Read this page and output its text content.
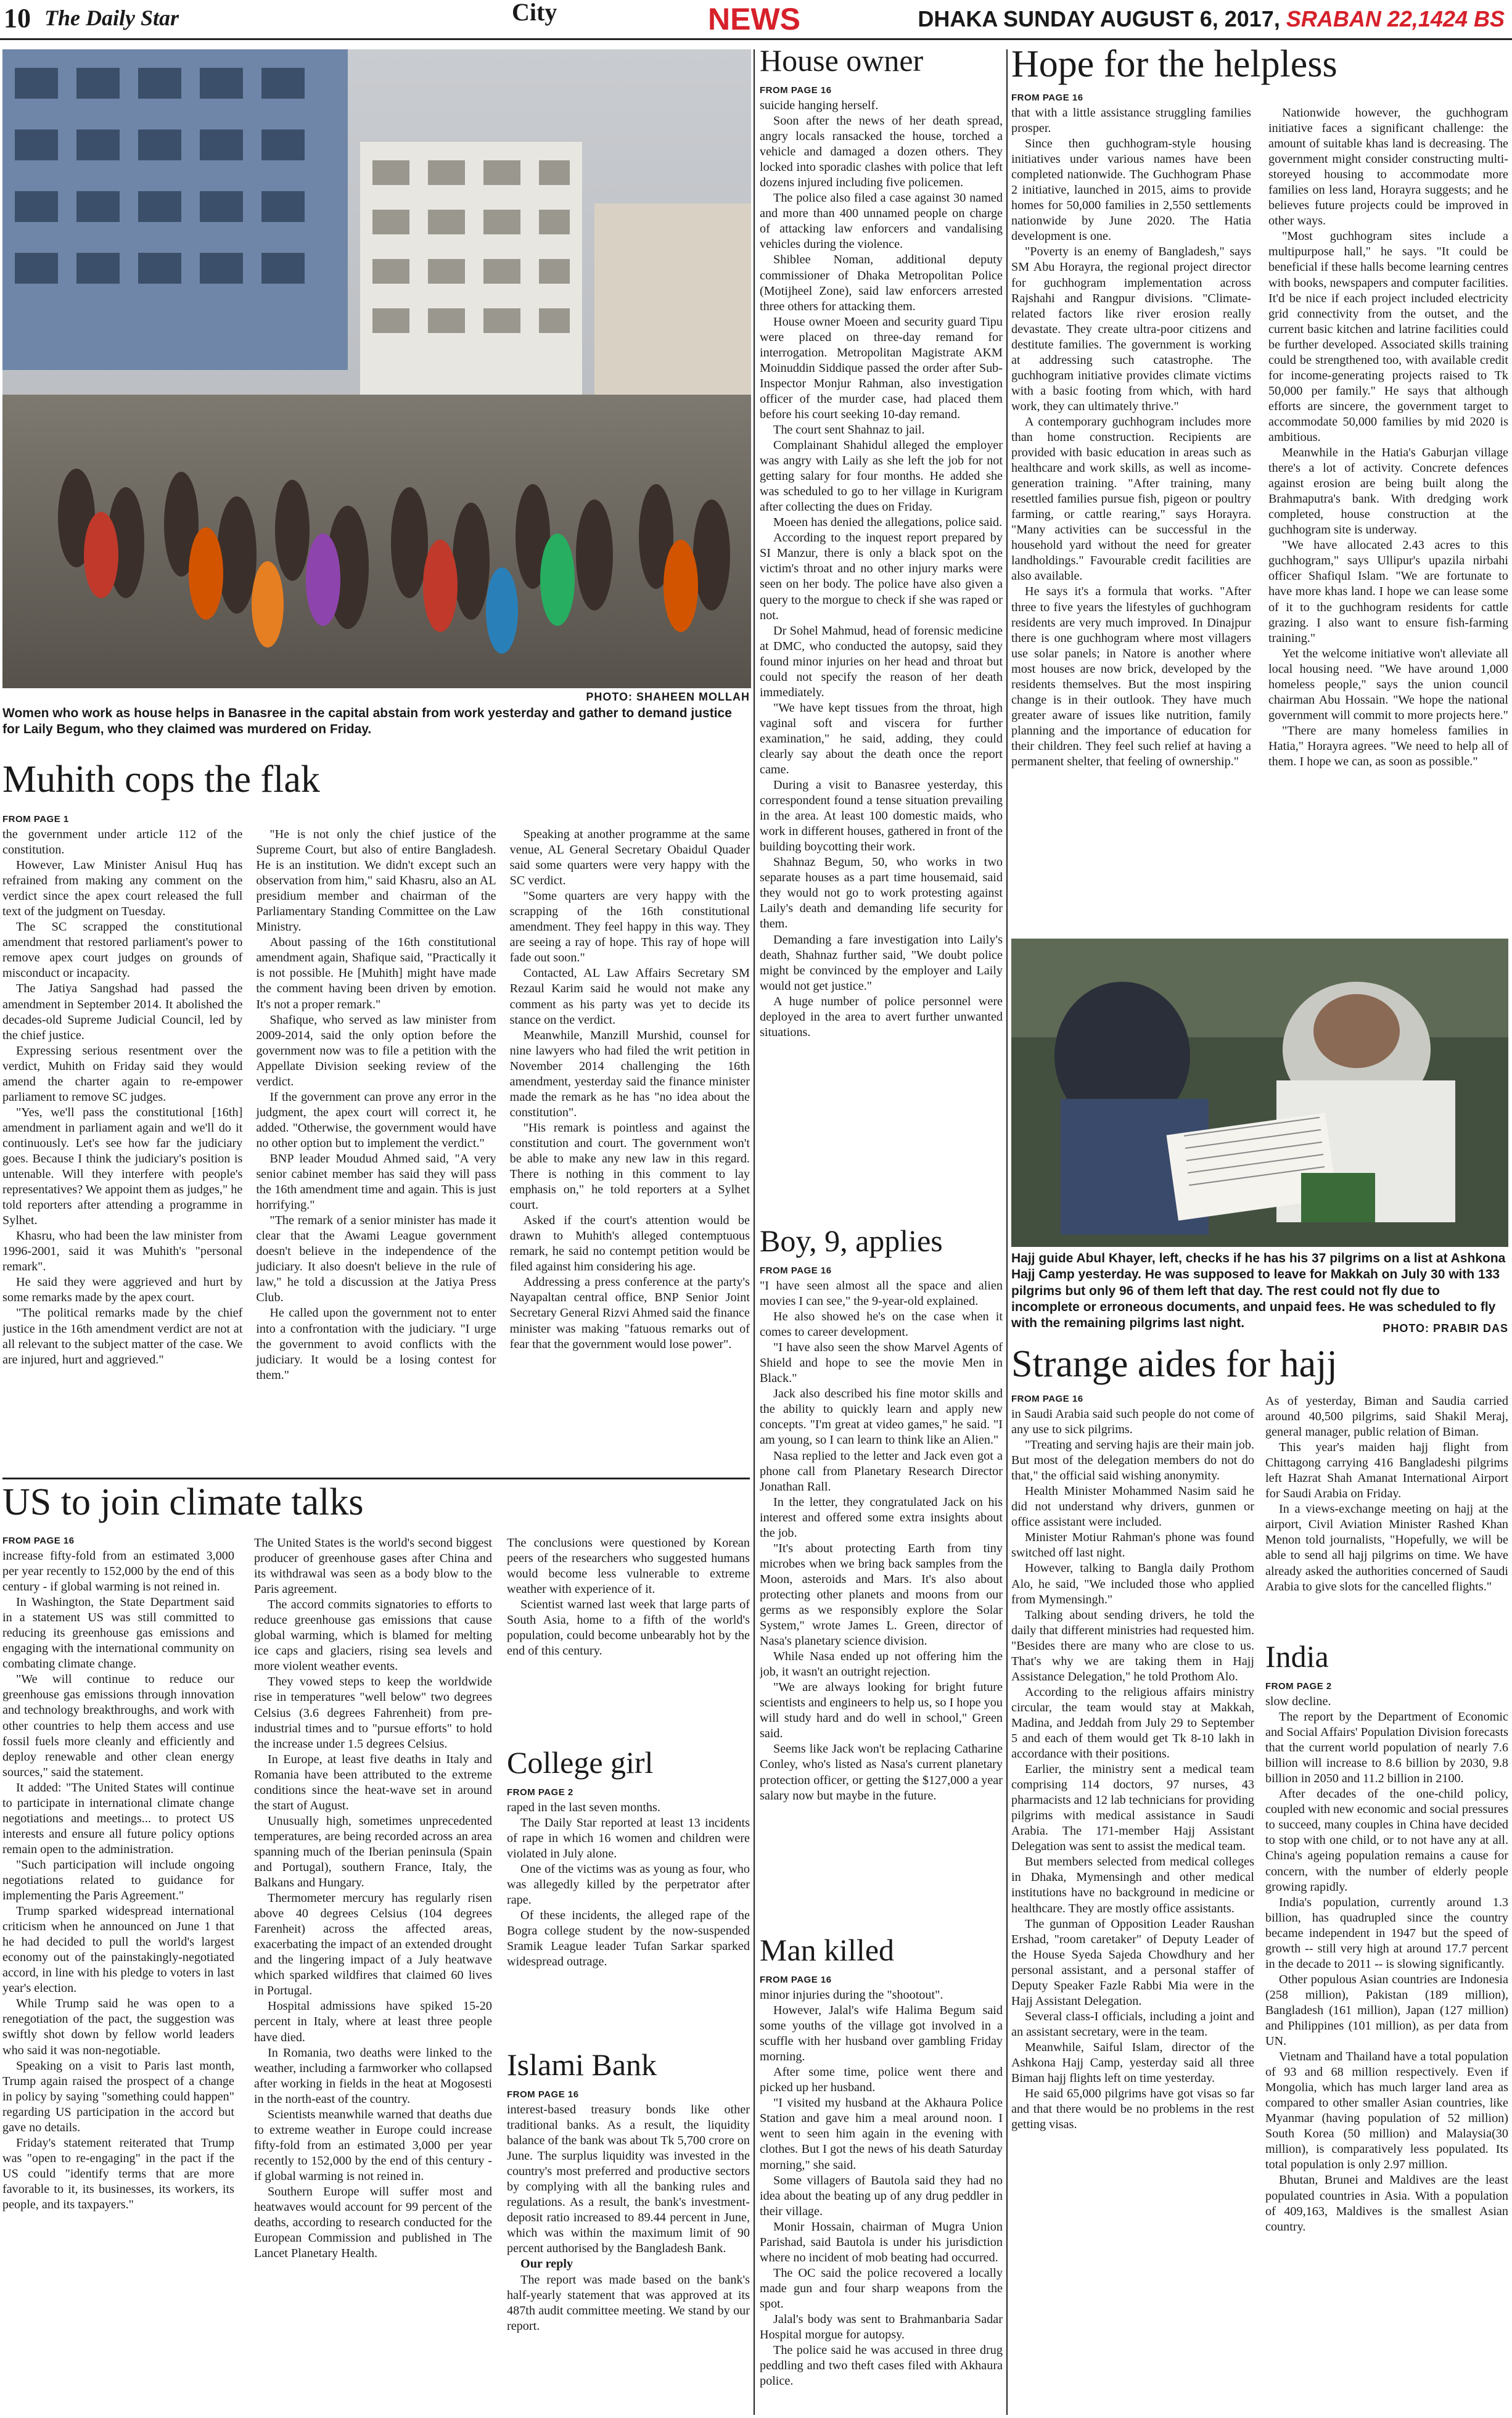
10 The Daily Star	City	NEWS	DHAKA SUNDAY AUGUST 6, 2017, SRABAN 22,1424 BS
PHOTO: SHAHEEN MOLLAH
Women who work as house helps in Banasree in the capital abstain from work yesterday and gather to demand justice for Laily Begum, who they claimed was murdered on Friday.
Muhith cops the flak
FROM PAGE 1

the government under article 112 of the constitution.

However, Law Minister Anisul Huq has refrained from making any comment on the verdict since the apex court released the full text of the judgment on Tuesday.

The SC scrapped the constitutional amendment that restored parliament's power to remove apex court judges on grounds of misconduct or incapacity.

The Jatiya Sangshad had passed the amendment in September 2014. It abolished the decades-old Supreme Judicial Council, led by the chief justice.

Expressing serious resentment over the verdict, Muhith on Friday said they would amend the charter again to re-empower parliament to remove SC judges.

"Yes, we'll pass the constitutional [16th] amendment in parliament again and we'll do it continuously. Let's see how far the judiciary goes. Because I think the judiciary's position is untenable. Will they interfere with people's representatives? We appoint them as judges," he told reporters after attending a programme in Sylhet.

Khasru, who had been the law minister from 1996-2001, said it was Muhith's "personal remark".

He said they were aggrieved and hurt by some remarks made by the apex court.

"The political remarks made by the chief justice in the 16th amendment verdict are not at all relevant to the subject matter of the case. We are injured, hurt and aggrieved."

"He is not only the chief justice of the Supreme Court, but also of entire Bangladesh. He is an institution. We didn't except such an observation from him," said Khasru, also an AL presidium member and chairman of the Parliamentary Standing Committee on the Law Ministry.

About passing of the 16th constitutional amendment again, Shafique said, "Practically it is not possible. He [Muhith] might have made the comment having been driven by emotion. It's not a proper remark."

Shafique, who served as law minister from 2009-2014, said the only option before the government now was to file a petition with the Appellate Division seeking review of the verdict.

If the government can prove any error in the judgment, the apex court will correct it, he added. "Otherwise, the government would have no other option but to implement the verdict."

BNP leader Moudud Ahmed said, "A very senior cabinet member has said they will pass the 16th amendment time and again. This is just horrifying."

"The remark of a senior minister has made it clear that the Awami League government doesn't believe in the independence of the judiciary. It also doesn't believe in the rule of law," he told a discussion at the Jatiya Press Club.

He called upon the government not to enter into a confrontation with the judiciary. "I urge the government to avoid conflicts with the judiciary. It would be a losing contest for them."

Speaking at another programme at the same venue, AL General Secretary Obaidul Quader said some quarters were very happy with the SC verdict.

"Some quarters are very happy with the scrapping of the 16th constitutional amendment. They feel happy in this way. They are seeing a ray of hope. This ray of hope will fade out soon."

Contacted, AL Law Affairs Secretary SM Rezaul Karim said he would not make any comment as his party was yet to decide its stance on the verdict.

Meanwhile, Manzill Murshid, counsel for nine lawyers who had filed the writ petition in November 2014 challenging the 16th amendment, yesterday said the finance minister made the remark as he has "no idea about the constitution".

"His remark is pointless and against the constitution and court. The government won't be able to make any new law in this regard. There is nothing in this comment to lay emphasis on," he told reporters at a Sylhet court.

Asked if the court's attention would be drawn to Muhith's alleged contemptuous remark, he said no contempt petition would be filed against him considering his age.

Addressing a press conference at the party's Nayapaltan central office, BNP Senior Joint Secretary General Rizvi Ahmed said the finance minister was making "fatuous remarks out of fear that the government would lose power".

US to join climate talks
FROM PAGE 16

increase fifty-fold from an estimated 3,000 per year recently to 152,000 by the end of this century - if global warming is not reined in.

In Washington, the State Department said in a statement US was still committed to reducing its greenhouse gas emissions and engaging with the international community on combating climate change.

"We will continue to reduce our greenhouse gas emissions through innovation and technology breakthroughs, and work with other countries to help them access and use fossil fuels more cleanly and efficiently and deploy renewable and other clean energy sources," said the statement.

It added: "The United States will continue to participate in international climate change negotiations and meetings... to protect US interests and ensure all future policy options remain open to the administration.

"Such participation will include ongoing negotiations related to guidance for implementing the Paris Agreement."

Trump sparked widespread international criticism when he announced on June 1 that he had decided to pull the world's largest economy out of the painstakingly-negotiated accord, in line with his pledge to voters in last year's election.

While Trump said he was open to a renegotiation of the pact, the suggestion was swiftly shot down by fellow world leaders who said it was non-negotiable.

Speaking on a visit to Paris last month, Trump again raised the prospect of a change in policy by saying "something could happen" regarding US participation in the accord but gave no details.

Friday's statement reiterated that Trump was "open to re-engaging" in the pact if the US could "identify terms that are more favorable to it, its businesses, its workers, its people, and its taxpayers."

The United States is the world's second biggest producer of greenhouse gases after China and its withdrawal was seen as a body blow to the Paris agreement.

The accord commits signatories to efforts to reduce greenhouse gas emissions that cause global warming, which is blamed for melting ice caps and glaciers, rising sea levels and more violent weather events.

They vowed steps to keep the worldwide rise in temperatures "well below" two degrees Celsius (3.6 degrees Fahrenheit) from pre-industrial times and to "pursue efforts" to hold the increase under 1.5 degrees Celsius.

In Europe, at least five deaths in Italy and Romania have been attributed to the extreme conditions since the heat-wave set in around the start of August.

Unusually high, sometimes unprecedented temperatures, are being recorded across an area spanning much of the Iberian peninsula (Spain and Portugal), southern France, Italy, the Balkans and Hungary.

Thermometer mercury has regularly risen above 40 degrees Celsius (104 degrees Farenheit) across the affected areas, exacerbating the impact of an extended drought and the lingering impact of a July heatwave which sparked wildfires that claimed 60 lives in Portugal.

Hospital admissions have spiked 15-20 percent in Italy, where at least three people have died.

In Romania, two deaths were linked to the weather, including a farmworker who collapsed after working in fields in the heat at Mogosesti in the north-east of the country.

Scientists meanwhile warned that deaths due to extreme weather in Europe could increase fifty-fold from an estimated 3,000 per year recently to 152,000 by the end of this century - if global warming is not reined in.

Southern Europe will suffer most and heatwaves would account for 99 percent of the deaths, according to research conducted for the European Commission and published in The Lancet Planetary Health.

The conclusions were questioned by Korean peers of the researchers who suggested humans would become less vulnerable to extreme weather with experience of it.

Scientist warned last week that large parts of South Asia, home to a fifth of the world's population, could become unbearably hot by the end of this century.

College girl
FROM PAGE 2

raped in the last seven months.

The Daily Star reported at least 13 incidents of rape in which 16 women and children were violated in July alone.

One of the victims was as young as four, who was allegedly killed by the perpetrator after rape.

Of these incidents, the alleged rape of the Bogra college student by the now-suspended Sramik League leader Tufan Sarkar sparked widespread outrage.

Islami Bank
FROM PAGE 16

interest-based treasury bonds like other traditional banks. As a result, the liquidity balance of the bank was about Tk 5,700 crore on June. The surplus liquidity was invested in the country's most preferred and productive sectors by complying with all the banking rules and regulations. As a result, the bank's investment-deposit ratio increased to 89.44 percent in June, which was within the maximum limit of 90 percent authorised by the Bangladesh Bank.

Our reply

The report was made based on the bank's half-yearly statement that was approved at its 487th audit committee meeting. We stand by our report.

House owner
FROM PAGE 16

suicide hanging herself.

Soon after the news of her death spread, angry locals ransacked the house, torched a vehicle and damaged a dozen others. They locked into sporadic clashes with police that left dozens injured including five policemen.

The police also filed a case against 30 named and more than 400 unnamed people on charge of attacking law enforcers and vandalising vehicles during the violence.

Shiblee Noman, additional deputy commissioner of Dhaka Metropolitan Police (Motijheel Zone), said law enforcers arrested three others for attacking them.

House owner Moeen and security guard Tipu were placed on three-day remand for interrogation. Metropolitan Magistrate AKM Moinuddin Siddique passed the order after Sub-Inspector Monjur Rahman, also investigation officer of the murder case, had placed them before his court seeking 10-day remand.

The court sent Shahnaz to jail.

Complainant Shahidul alleged the employer was angry with Laily as she left the job for not getting salary for four months. He added she was scheduled to go to her village in Kurigram after collecting the dues on Friday.

Moeen has denied the allegations, police said.

According to the inquest report prepared by SI Manzur, there is only a black spot on the victim's throat and no other injury marks were seen on her body. The police have also given a query to the morgue to check if she was raped or not.

Dr Sohel Mahmud, head of forensic medicine at DMC, who conducted the autopsy, said they found minor injuries on her head and throat but could not specify the reason of her death immediately.

"We have kept tissues from the throat, high vaginal soft and viscera for further examination," he said, adding, they could clearly say about the death once the report came.

During a visit to Banasree yesterday, this correspondent found a tense situation prevailing in the area. At least 100 domestic maids, who work in different houses, gathered in front of the building boycotting their work.

Shahnaz Begum, 50, who works in two separate houses as a part time housemaid, said they would not go to work protesting against Laily's death and demanding life security for them.

Demanding a fare investigation into Laily's death, Shahnaz further said, "We doubt police might be convinced by the employer and Laily would not get justice."

A huge number of police personnel were deployed in the area to avert further unwanted situations.

Boy, 9, applies
FROM PAGE 16

"I have seen almost all the space and alien movies I can see," the 9-year-old explained.

He also showed he's on the case when it comes to career development.

"I have also seen the show Marvel Agents of Shield and hope to see the movie Men in Black."

Jack also described his fine motor skills and the ability to quickly learn and apply new concepts. "I'm great at video games," he said. "I am young, so I can learn to think like an Alien."

Nasa replied to the letter and Jack even got a phone call from Planetary Research Director Jonathan Rall.

In the letter, they congratulated Jack on his interest and offered some extra insights about the job.

"It's about protecting Earth from tiny microbes when we bring back samples from the Moon, asteroids and Mars. It's also about protecting other planets and moons from our germs as we responsibly explore the Solar System," wrote James L. Green, director of Nasa's planetary science division.

While Nasa ended up not offering him the job, it wasn't an outright rejection.

"We are always looking for bright future scientists and engineers to help us, so I hope you will study hard and do well in school," Green said.

Seems like Jack won't be replacing Catharine Conley, who's listed as Nasa's current planetary protection officer, or getting the $127,000 a year salary now but maybe in the future.

Man killed
FROM PAGE 16

minor injuries during the "shootout".

However, Jalal's wife Halima Begum said some youths of the village got involved in a scuffle with her husband over gambling Friday morning.

After some time, police went there and picked up her husband.

"I visited my husband at the Akhaura Police Station and gave him a meal around noon. I went to seen him again in the evening with clothes. But I got the news of his death Saturday morning," she said.

Some villagers of Bautola said they had no idea about the beating up of any drug peddler in their village.

Monir Hossain, chairman of Mugra Union Parishad, said Bautola is under his jurisdiction where no incident of mob beating had occurred.

The OC said the police recovered a locally made gun and four sharp weapons from the spot.

Jalal's body was sent to Brahmanbaria Sadar Hospital morgue for autopsy.

The police said he was accused in three drug peddling and two theft cases filed with Akhaura police.

Hope for the helpless
FROM PAGE 16

that with a little assistance struggling families prosper.

Since then guchhogram-style housing initiatives under various names have been completed nationwide. The Guchhogram Phase 2 initiative, launched in 2015, aims to provide homes for 50,000 families in 2,550 settlements nationwide by June 2020. The Hatia development is one.

"Poverty is an enemy of Bangladesh," says SM Abu Horayra, the regional project director for guchhogram implementation across Rajshahi and Rangpur divisions. "Climate-related factors like river erosion really devastate. They create ultra-poor citizens and destitute families. The government is working at addressing such catastrophe. The guchhogram initiative provides climate victims with a basic footing from which, with hard work, they can ultimately thrive."

A contemporary guchhogram includes more than home construction. Recipients are provided with basic education in areas such as healthcare and work skills, as well as income-generation training. "After training, many resettled families pursue fish, pigeon or poultry farming, or cattle rearing," says Horayra. "Many activities can be successful in the household yard without the need for greater landholdings." Favourable credit facilities are also available.

He says it's a formula that works. "After three to five years the lifestyles of guchhogram residents are very much improved. In Dinajpur there is one guchhogram where most villagers use solar panels; in Natore is another where most houses are now brick, developed by the residents themselves. But the most inspiring change is in their outlook. They have much greater aware of issues like nutrition, family planning and the importance of education for their children. They feel such relief at having a permanent shelter, that feeling of ownership."

Nationwide however, the guchhogram initiative faces a significant challenge: the amount of suitable khas land is decreasing. The government might consider constructing multi-storeyed housing to accommodate more families on less land, Horayra suggests; and he believes future projects could be improved in other ways.

"Most guchhogram sites include a multipurpose hall," he says. "It could be beneficial if these halls become learning centres with books, newspapers and computer facilities. It'd be nice if each project included electricity grid connectivity from the outset, and the current basic kitchen and latrine facilities could be further developed. Associated skills training could be strengthened too, with available credit for income-generating projects raised to Tk 50,000 per family." He says that although efforts are sincere, the government target to accommodate 50,000 families by mid 2020 is ambitious.

Meanwhile in the Hatia's Gaburjan village there's a lot of activity. Concrete defences against erosion are being built along the Brahmaputra's bank. With dredging work completed, house construction at the guchhogram site is underway.

"We have allocated 2.43 acres to this guchhogram," says Ullipur's upazila nirbahi officer Shafiqul Islam. "We are fortunate to have more khas land. I hope we can lease some of it to the guchhogram residents for cattle grazing. I also want to ensure fish-farming training."

Yet the welcome initiative won't alleviate all local housing need. "We have around 1,000 homeless people," says the union council chairman Abu Hossain. "We hope the national government will commit to more projects here."

"There are many homeless families in Hatia," Horayra agrees. "We need to help all of them. I hope we can, as soon as possible."

Hajj guide Abul Khayer, left, checks if he has his 37 pilgrims on a list at Ashkona Hajj Camp yesterday. He was supposed to leave for Makkah on July 30 with 133 pilgrims but only 96 of them left that day. The rest could not fly due to incomplete or erroneous documents, and unpaid fees. He was scheduled to fly with the remaining pilgrims last night.	PHOTO: PRABIR DAS
Strange aides for hajj
FROM PAGE 16

in Saudi Arabia said such people do not come of any use to sick pilgrims.

"Treating and serving hajis are their main job. But most of the delegation members do not do that," the official said wishing anonymity.

Health Minister Mohammed Nasim said he did not understand why drivers, gunmen or office assistant were included.

Minister Motiur Rahman's phone was found switched off last night.

However, talking to Bangla daily Prothom Alo, he said, "We included those who applied from Mymensingh."

Talking about sending drivers, he told the daily that different ministries had requested him. "Besides there are many who are close to us. That's why we are taking them in Hajj Assistance Delegation," he told Prothom Alo.

According to the religious affairs ministry circular, the team would stay at Makkah, Madina, and Jeddah from July 29 to September 5 and each of them would get Tk 8-10 lakh in accordance with their positions.

Earlier, the ministry sent a medical team comprising 114 doctors, 97 nurses, 43 pharmacists and 12 lab technicians for providing pilgrims with medical assistance in Saudi Arabia. The 171-member Hajj Assistant Delegation was sent to assist the medical team.

But members selected from medical colleges in Dhaka, Mymensingh and other medical institutions have no background in medicine or healthcare. They are mostly office assistants.

The gunman of Opposition Leader Raushan Ershad, "room caretaker" of Deputy Leader of the House Syeda Sajeda Chowdhury and her personal assistant, and a personal staffer of Deputy Speaker Fazle Rabbi Mia were in the Hajj Assistant Delegation.

Several class-I officials, including a joint and an assistant secretary, were in the team.

Meanwhile, Saiful Islam, director of the Ashkona Hajj Camp, yesterday said all three Biman hajj flights left on time yesterday.

He said 65,000 pilgrims have got visas so far and that there would be no problems in the rest getting visas.

As of yesterday, Biman and Saudia carried around 40,500 pilgrims, said Shakil Meraj, general manager, public relation of Biman.

This year's maiden hajj flight from Chittagong carrying 416 Bangladeshi pilgrims left Hazrat Shah Amanat International Airport for Saudi Arabia on Friday.

In a views-exchange meeting on hajj at the airport, Civil Aviation Minister Rashed Khan Menon told journalists, "Hopefully, we will be able to send all hajj pilgrims on time. We have already asked the authorities concerned of Saudi Arabia to give slots for the cancelled flights."

India
FROM PAGE 2

slow decline.

The report by the Department of Economic and Social Affairs' Population Division forecasts that the current world population of nearly 7.6 billion will increase to 8.6 billion by 2030, 9.8 billion in 2050 and 11.2 billion in 2100.

After decades of the one-child policy, coupled with new economic and social pressures to succeed, many couples in China have decided to stop with one child, or to not have any at all. China's ageing population remains a cause for concern, with the number of elderly people growing rapidly.

India's population, currently around 1.3 billion, has quadrupled since the country became independent in 1947 but the speed of growth -- still very high at around 17.7 percent in the decade to 2011 -- is slowing significantly.

Other populous Asian countries are Indonesia (258 million), Pakistan (189 million), Bangladesh (161 million), Japan (127 million) and Philippines (101 million), as per data from UN.

Vietnam and Thailand have a total population of 93 and 68 million respectively. Even if Mongolia, which has much larger land area as compared to other smaller Asian countries, like Myanmar (having population of 52 million) South Korea (50 million) and Malaysia(30 million), is comparatively less populated. Its total population is only 2.97 million.

Bhutan, Brunei and Maldives are the least populated countries in Asia. With a population of 409,163, Maldives is the smallest Asian country.
